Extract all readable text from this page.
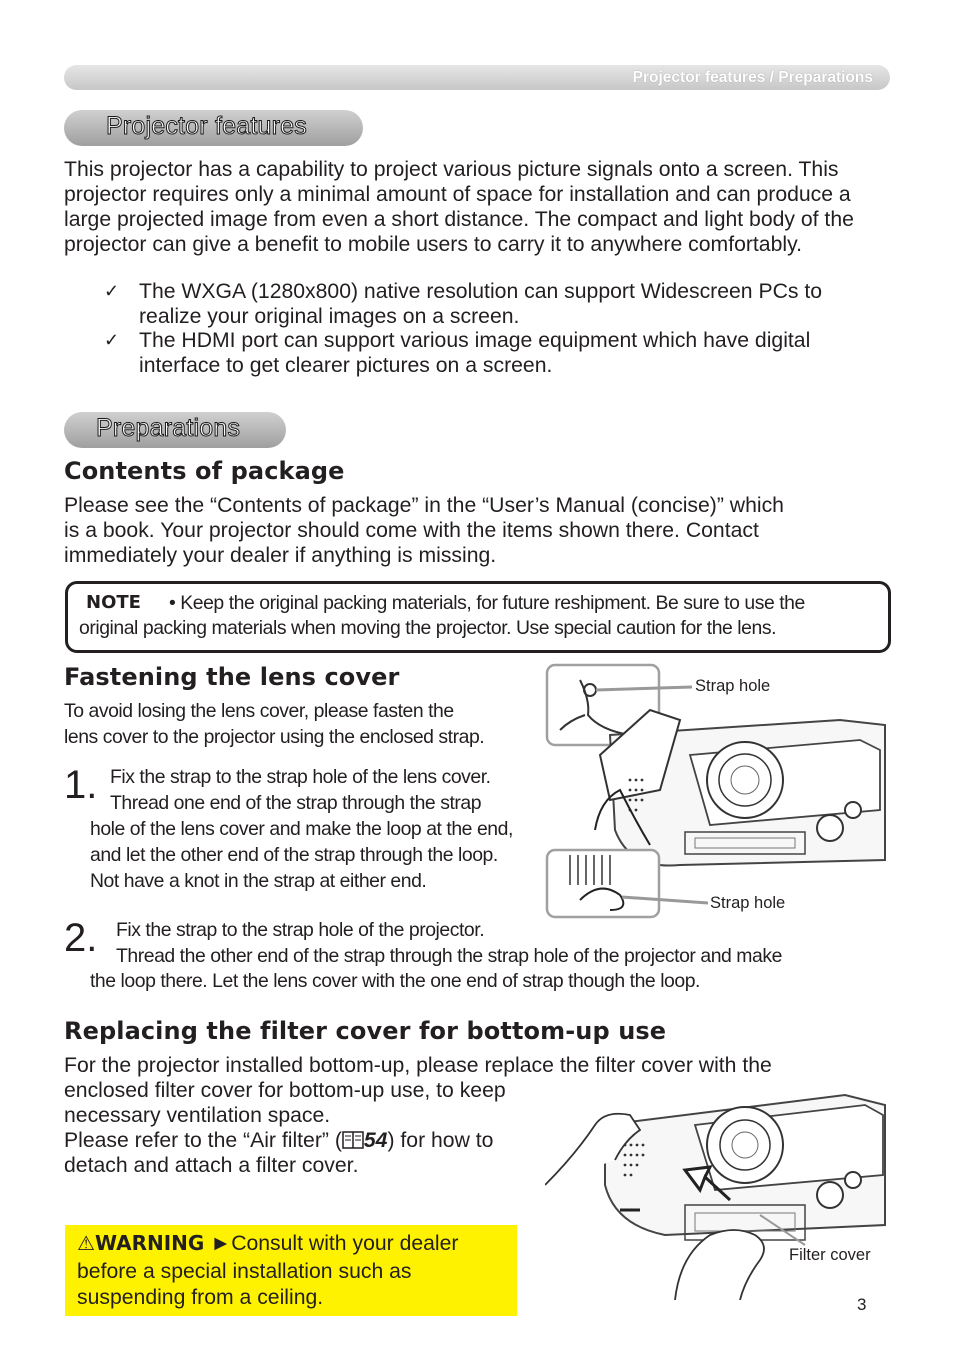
Projector features / Preparations
Projector features
This projector has a capability to project various picture signals onto a screen. This
projector requires only a minimal amount of space for installation and can produce a
large projected image from even a short distance. The compact and light body of the
projector can give a benefit to mobile users to carry it to anywhere comfortably.
✓ The WXGA (1280x800) native resolution can support Widescreen PCs to
realize your original images on a screen.
✓ The HDMI port can support various image equipment which have digital
interface to get clearer pictures on a screen.
Preparations
Contents of package
Please see the “Contents of package” in the “User’s Manual (concise)” which
is a book. Your projector should come with the items shown there. Contact
immediately your dealer if anything is missing.
NOTE • Keep the original packing materials, for future reshipment. Be sure to use the
original packing materials when moving the projector. Use special caution for the lens.
Fastening the lens cover
To avoid losing the lens cover, please fasten the
lens cover to the projector using the enclosed strap.
1. Fix the strap to the strap hole of the lens cover.
Thread one end of the strap through the strap
hole of the lens cover and make the loop at the end,
and let the other end of the strap through the loop.
Not have a knot in the strap at either end.
2. Fix the strap to the strap hole of the projector.
Thread the other end of the strap through the strap hole of the projector and make
the loop there. Let the lens cover with the one end of strap though the loop.
Strap hole
Strap hole
Replacing the filter cover for bottom-up use
For the projector installed bottom-up, please replace the filter cover with the
enclosed filter cover for bottom-up use, to keep
necessary ventilation space.
Please refer to the “Air filter” ( 54) for how to
detach and attach a filter cover.
Filter cover
⚠WARNING ►Consult with your dealer
before a special installation such as
suspending from a ceiling.	3
